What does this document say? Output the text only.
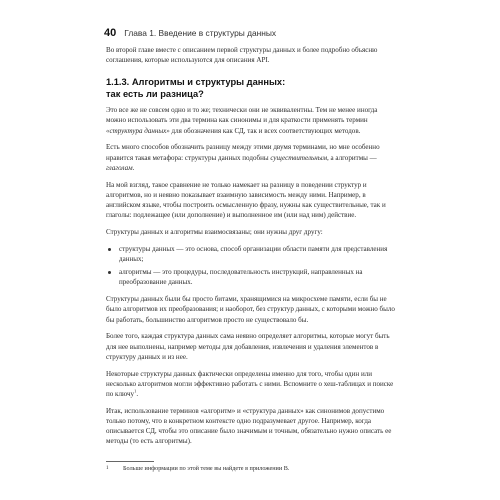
40 Глава 1. Введение в структуры данных

Во второй главе вместе с описанием первой структуры данных и более подробно объясню соглашения, которые используются для описания API.

1.1.3. Алгоритмы и структуры данных:
так есть ли разница?

Это все же не совсем одно и то же; технически они не эквивалентны. Тем не менее иногда можно использовать эти два термина как синонимы и для краткости применять термин «структура данных» для обозначения как СД, так и всех соответствующих методов.

Есть много способов обозначить разницу между этими двумя терминами, но мне особенно нравится такая метафора: структуры данных подобны существительным, а алгоритмы — глаголам.

На мой взгляд, такое сравнение не только намекает на разницу в поведении структур и алгоритмов, но и неявно показывает взаимную зависимость между ними. Например, в английском языке, чтобы построить осмысленную фразу, нужны как существительные, так и глаголы: подлежащее (или дополнение) и выполненное им (или над ним) действие.

Структуры данных и алгоритмы взаимосвязаны; они нужны друг другу:

структуры данных — это основа, способ организации области памяти для представления данных;
алгоритмы — это процедуры, последовательность инструкций, направленных на преобразование данных.

Структуры данных были бы просто битами, хранящимися на микросхеме памяти, если бы не было алгоритмов их преобразования; и наоборот, без структур данных, с которыми можно было бы работать, большинство алгоритмов просто не существовало бы.

Более того, каждая структура данных сама неявно определяет алгоритмы, которые могут быть для нее выполнены, например методы для добавления, извлечения и удаления элементов в структуру данных и из нее.

Некоторые структуры данных фактически определены именно для того, чтобы один или несколько алгоритмов могли эффективно работать с ними. Вспомните о хеш-таблицах и поиске по ключу$^1$.

Итак, использование терминов «алгоритм» и «структура данных» как синонимов допустимо только потому, что в конкретном контексте одно подразумевает другое. Например, когда описывается СД, чтобы это описание было значимым и точным, обязательно нужно описать ее методы (то есть алгоритмы).

1	Больше информации по этой теме вы найдете в приложении В.
